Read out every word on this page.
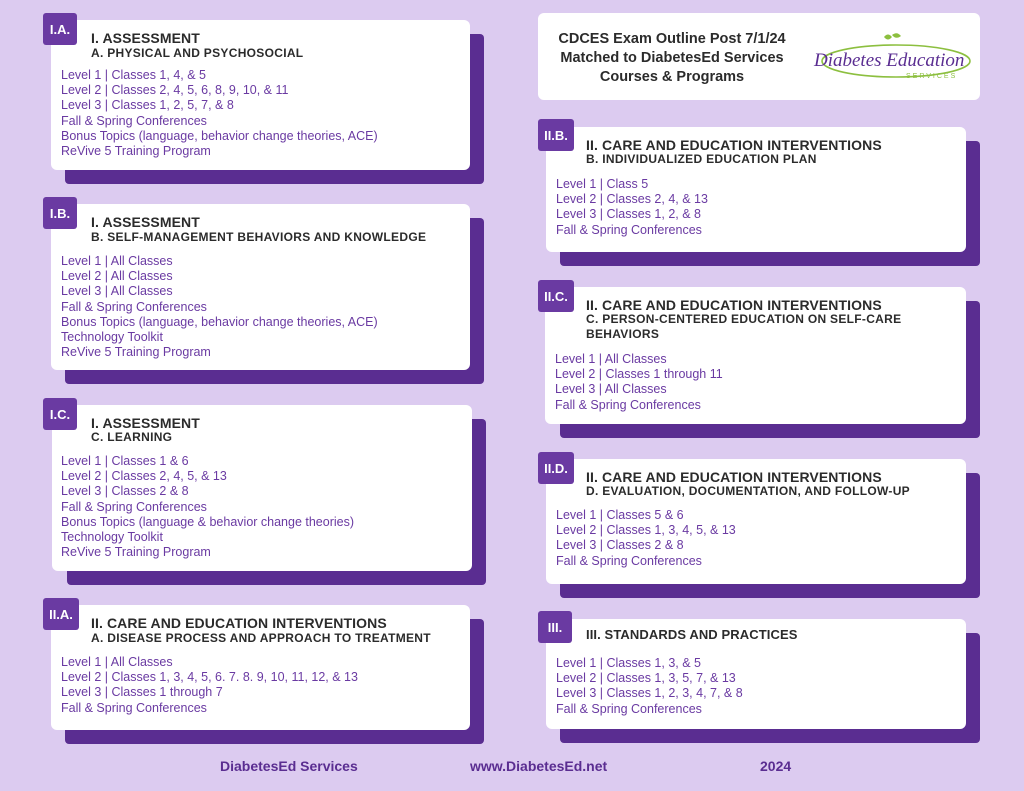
CDCES Exam Outline Post 7/1/24
Matched to DiabetesEd Services
Courses & Programs
Diabetes Education
SERVICES
I. ASSESSMENT
A. PHYSICAL AND PSYCHOSOCIAL
Level 1 | Classes 1, 4, & 5
Level 2 | Classes 2, 4, 5, 6, 8, 9, 10, & 11
Level 3 | Classes 1, 2, 5, 7, & 8
Fall & Spring Conferences
Bonus Topics (language, behavior change theories, ACE)
ReVive 5 Training Program
I.A.
I. ASSESSMENT
B. SELF-MANAGEMENT BEHAVIORS AND KNOWLEDGE
Level 1 | All Classes
Level 2 | All Classes
Level 3 | All Classes
Fall & Spring Conferences
Bonus Topics (language, behavior change theories, ACE)
Technology Toolkit
ReVive 5 Training Program
I.B.
I. ASSESSMENT
C. LEARNING
Level 1 | Classes 1 & 6
Level 2 | Classes 2, 4, 5, & 13
Level 3 | Classes 2 & 8
Fall & Spring Conferences
Bonus Topics (language & behavior change theories)
Technology Toolkit
ReVive 5 Training Program
I.C.
II. CARE AND EDUCATION INTERVENTIONS
A. DISEASE PROCESS AND APPROACH TO TREATMENT
Level 1 | All Classes
Level 2 | Classes 1, 3, 4, 5, 6. 7. 8. 9, 10, 11, 12, & 13
Level 3 | Classes 1 through 7
Fall & Spring Conferences
II.A.
II. CARE AND EDUCATION INTERVENTIONS
B. INDIVIDUALIZED EDUCATION PLAN
Level 1 | Class 5
Level 2 | Classes 2, 4, & 13
Level 3 | Classes 1, 2, & 8
Fall & Spring Conferences
II.B.
II. CARE AND EDUCATION INTERVENTIONS
C. PERSON-CENTERED EDUCATION ON SELF-CARE BEHAVIORS
Level 1 | All Classes
Level 2 | Classes 1 through 11
Level 3 | All Classes
Fall & Spring Conferences
II.C.
II. CARE AND EDUCATION INTERVENTIONS
D. EVALUATION, DOCUMENTATION, AND FOLLOW-UP
Level 1 | Classes 5 & 6
Level 2 | Classes 1, 3, 4, 5, & 13
Level 3 | Classes 2 & 8
Fall & Spring Conferences
II.D.
III. STANDARDS AND PRACTICES
Level 1 | Classes 1, 3, & 5
Level 2 | Classes 1, 3, 5, 7, & 13
Level 3 | Classes 1, 2, 3, 4, 7, & 8
Fall & Spring Conferences
III.
DiabetesEd Services	www.DiabetesEd.net	2024
